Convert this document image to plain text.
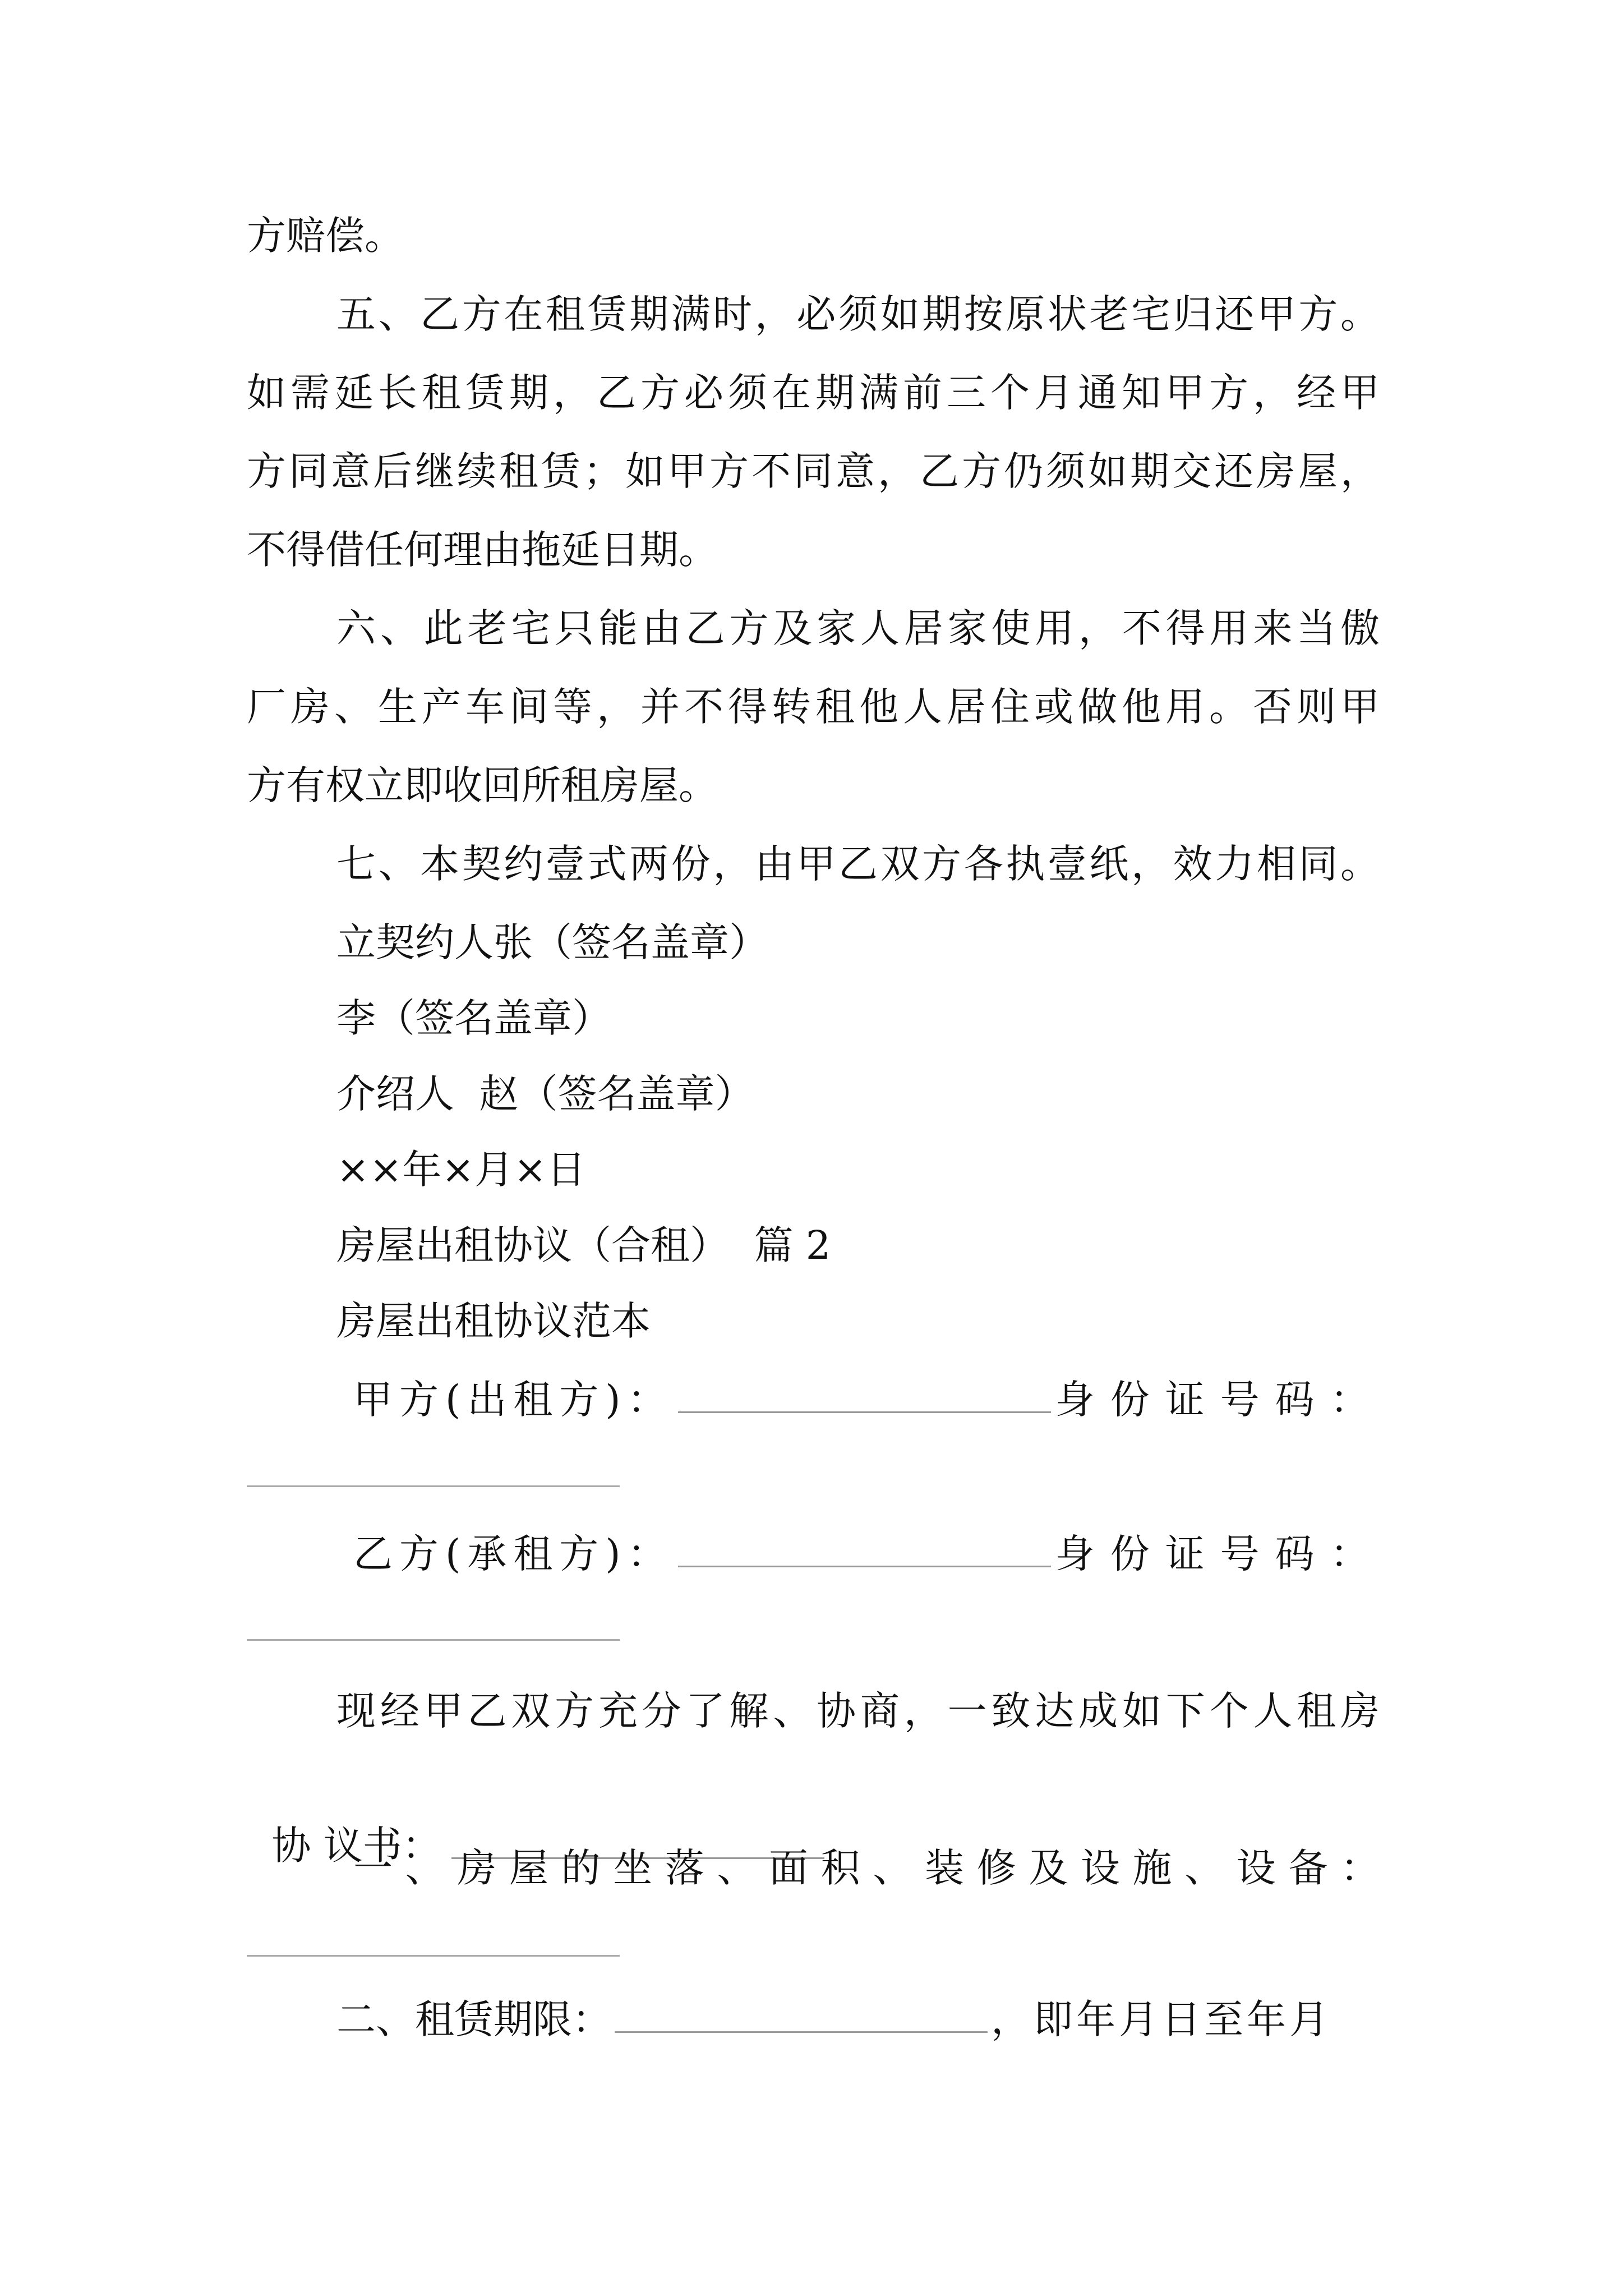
方赔偿。
五、乙方在租赁期满时，必须如期按原状老宅归还甲方。
如需延长租赁期，乙方必须在期满前三个月通知甲方，经甲
方同意后继续租赁；如甲方不同意，乙方仍须如期交还房屋，
不得借任何理由拖延日期。
六、此老宅只能由乙方及家人居家使用，不得用来当傲
厂房、生产车间等，并不得转租他人居住或做他用。否则甲
方有权立即收回所租房屋。
七、本契约壹式两份，由甲乙双方各执壹纸，效力相同。
立契约人张（签名盖章）
李（签名盖章）
介绍人  赵（签名盖章）
××年×月×日
房屋出租协议（合租）  篇 2
房屋出租协议范本
甲方(出租方)：	身份证号码：
乙方(承租方)：	身份证号码：
现经甲乙双方充分了解、协商，一致达成如下个人租房

协 议书：

一、房屋的坐落、面积、装修及设施、设备：
二、租赁期限：	，即年月日至年月
